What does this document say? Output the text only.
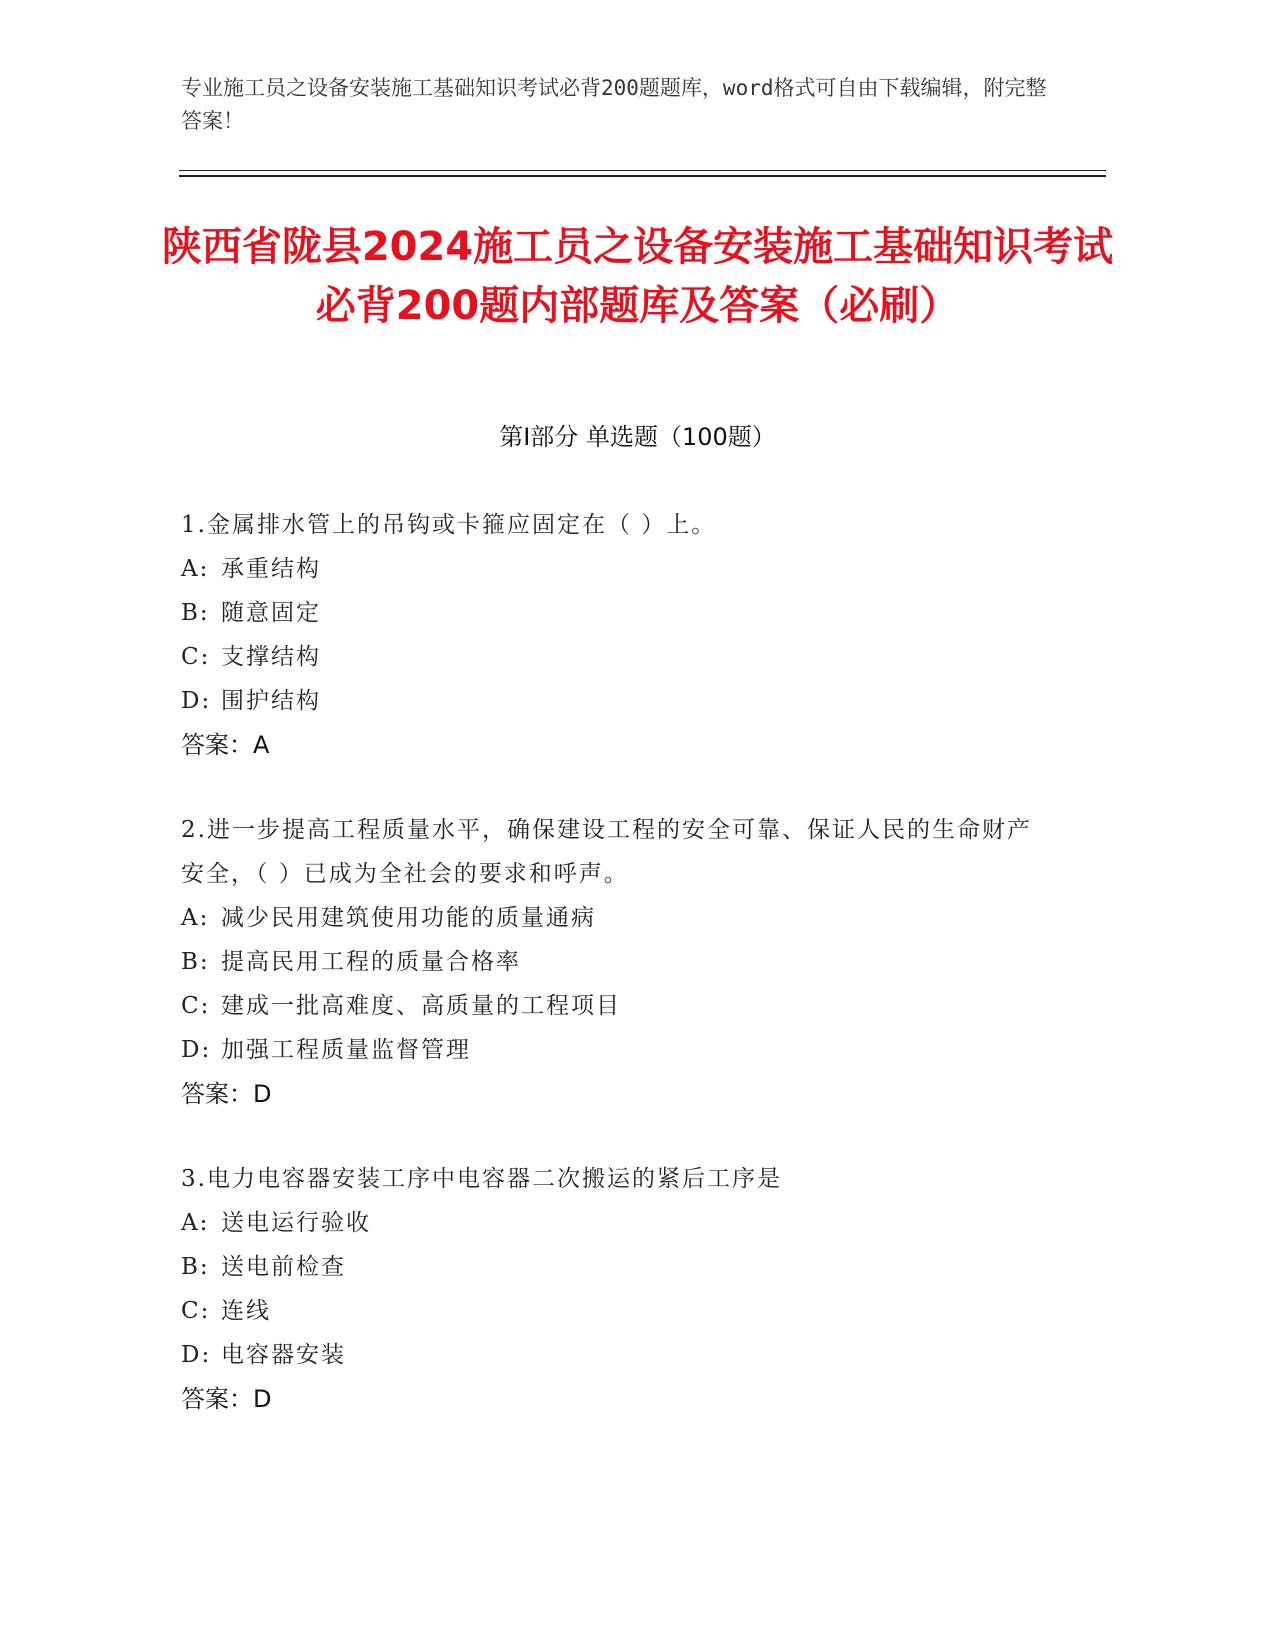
专业施工员之设备安装施工基础知识考试必背200题题库，word格式可自由下载编辑，附完整答案！
陕西省陇县2024施工员之设备安装施工基础知识考试必背200题内部题库及答案（必刷）
第Ⅰ部分 单选题（100题）
1.金属排水管上的吊钩或卡箍应固定在（ ）上。
A: 承重结构
B: 随意固定
C: 支撑结构
D: 围护结构
答案：A
2.进一步提高工程质量水平，确保建设工程的安全可靠、保证人民的生命财产安全，（ ）已成为全社会的要求和呼声。
A: 减少民用建筑使用功能的质量通病
B: 提高民用工程的质量合格率
C: 建成一批高难度、高质量的工程项目
D: 加强工程质量监督管理
答案：D
3.电力电容器安装工序中电容器二次搬运的紧后工序是
A: 送电运行验收
B: 送电前检查
C: 连线
D: 电容器安装
答案：D
